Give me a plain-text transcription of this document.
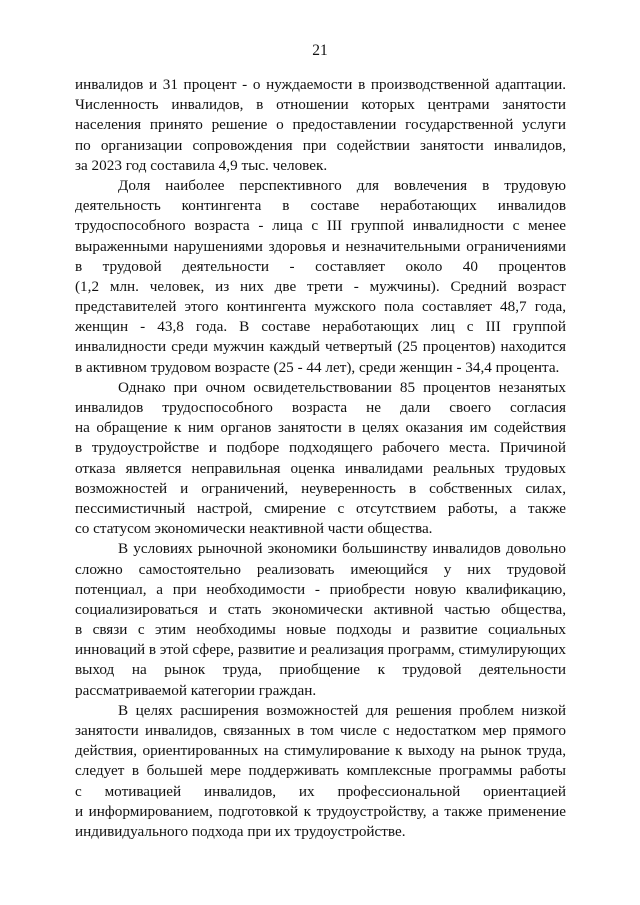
21
инвалидов и 31 процент - о нуждаемости в производственной адаптации.
Численность инвалидов, в отношении которых центрами занятости
населения принято решение о предоставлении государственной услуги
по организации сопровождения при содействии занятости инвалидов,
за 2023 год составила 4,9 тыс. человек.
Доля наиболее перспективного для вовлечения в трудовую
деятельность контингента в составе неработающих инвалидов
трудоспособного возраста - лица с III группой инвалидности с менее
выраженными нарушениями здоровья и незначительными ограничениями
в трудовой деятельности - составляет около 40 процентов
(1,2 млн. человек, из них две трети - мужчины). Средний возраст
представителей этого контингента мужского пола составляет 48,7 года,
женщин - 43,8 года. В составе неработающих лиц с III группой
инвалидности среди мужчин каждый четвертый (25 процентов) находится
в активном трудовом возрасте (25 - 44 лет), среди женщин - 34,4 процента.
Однако при очном освидетельствовании 85 процентов незанятых
инвалидов трудоспособного возраста не дали своего согласия
на обращение к ним органов занятости в целях оказания им содействия
в трудоустройстве и подборе подходящего рабочего места. Причиной
отказа является неправильная оценка инвалидами реальных трудовых
возможностей и ограничений, неуверенность в собственных силах,
пессимистичный настрой, смирение с отсутствием работы, а также
со статусом экономически неактивной части общества.
В условиях рыночной экономики большинству инвалидов довольно
сложно самостоятельно реализовать имеющийся у них трудовой
потенциал, а при необходимости - приобрести новую квалификацию,
социализироваться и стать экономически активной частью общества,
в связи с этим необходимы новые подходы и развитие социальных
инноваций в этой сфере, развитие и реализация программ, стимулирующих
выход на рынок труда, приобщение к трудовой деятельности
рассматриваемой категории граждан.
В целях расширения возможностей для решения проблем низкой
занятости инвалидов, связанных в том числе с недостатком мер прямого
действия, ориентированных на стимулирование к выходу на рынок труда,
следует в большей мере поддерживать комплексные программы работы
с мотивацией инвалидов, их профессиональной ориентацией
и информированием, подготовкой к трудоустройству, а также применение
индивидуального подхода при их трудоустройстве.
